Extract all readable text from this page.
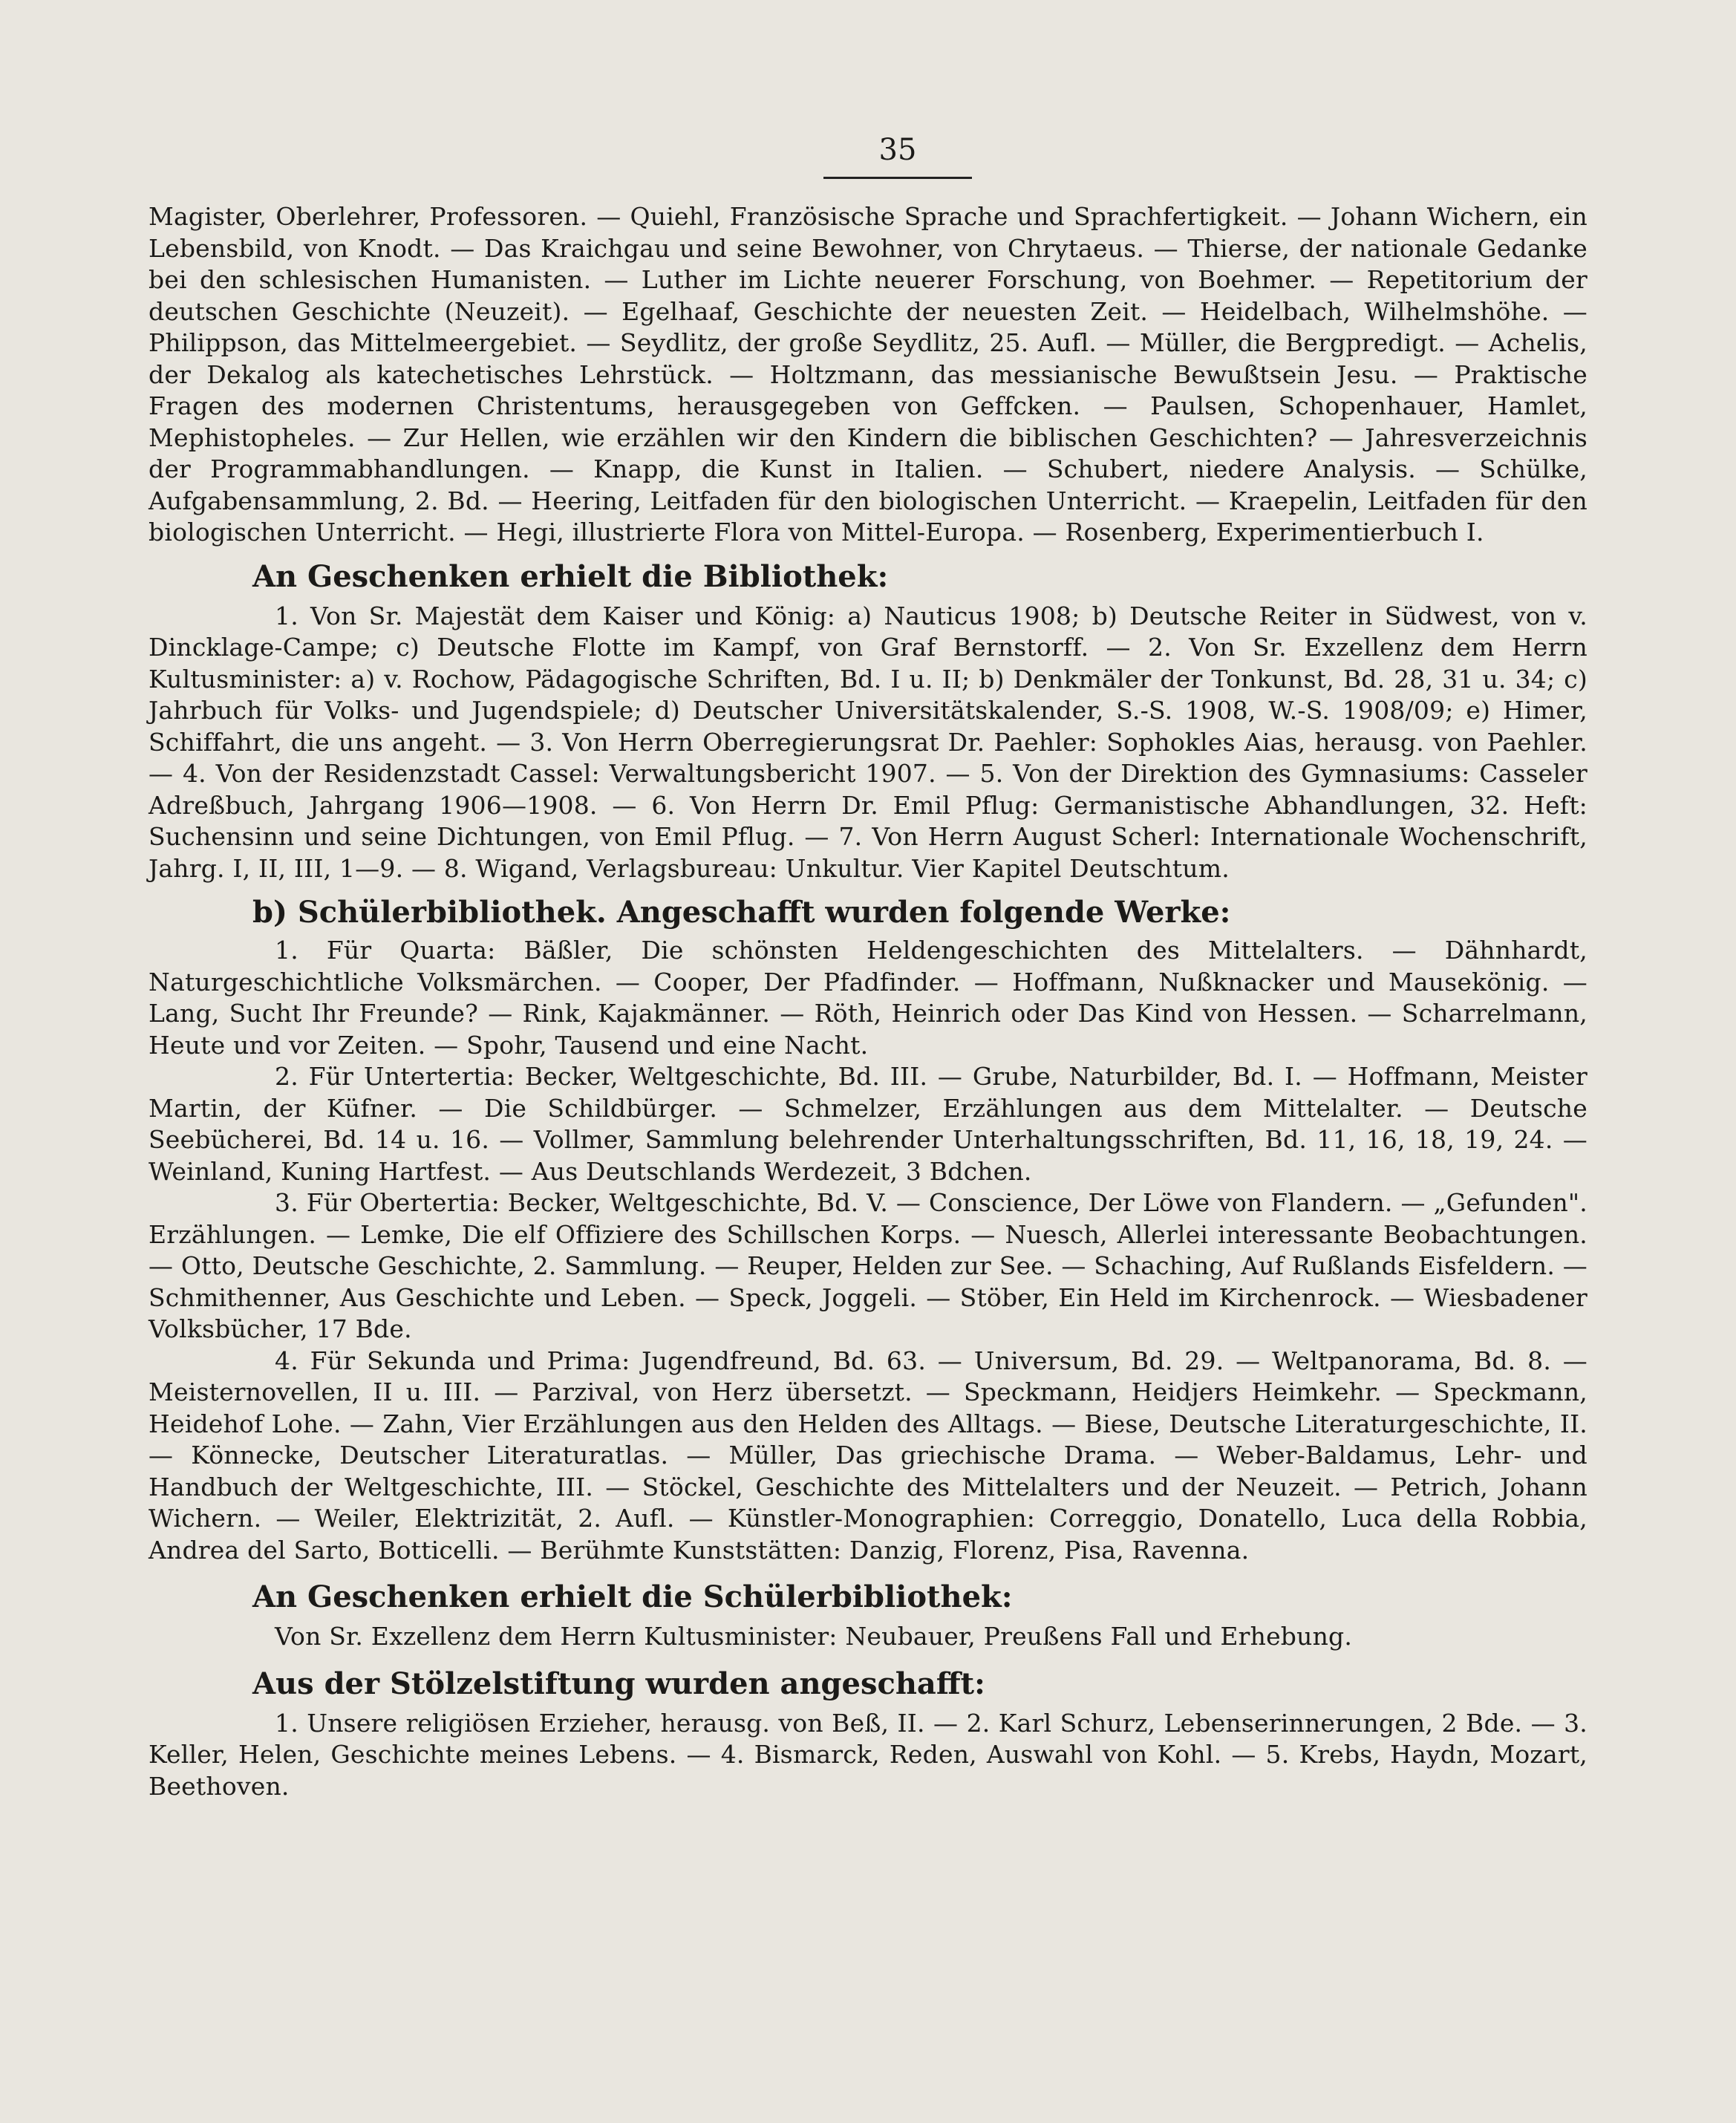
35

Magister, Oberlehrer, Professoren. — Quiehl, Französische Sprache und Sprachfertigkeit. — Johann Wichern, ein Lebensbild, von Knodt. — Das Kraichgau und seine Bewohner, von Chrytaeus. — Thierse, der nationale Gedanke bei den schlesischen Humanisten. — Luther im Lichte neuerer Forschung, von Boehmer. — Repetitorium der deutschen Geschichte (Neuzeit). — Egelhaaf, Geschichte der neuesten Zeit. — Heidelbach, Wilhelmshöhe. — Philippson, das Mittelmeergebiet. — Seydlitz, der große Seydlitz, 25. Aufl. — Müller, die Bergpredigt. — Achelis, der Dekalog als katechetisches Lehrstück. — Holtzmann, das messianische Bewußtsein Jesu. — Praktische Fragen des modernen Christentums, herausgegeben von Geffcken. — Paulsen, Schopenhauer, Hamlet, Mephistopheles. — Zur Hellen, wie erzählen wir den Kindern die biblischen Geschichten? — Jahresverzeichnis der Programmabhandlungen. — Knapp, die Kunst in Italien. — Schubert, niedere Analysis. — Schülke, Aufgabensammlung, 2. Bd. — Heering, Leitfaden für den biologischen Unterricht. — Kraepelin, Leitfaden für den biologischen Unterricht. — Hegi, illustrierte Flora von Mittel-Europa. — Rosenberg, Experimentierbuch I.

An Geschenken erhielt die Bibliothek:

1. Von Sr. Majestät dem Kaiser und König: a) Nauticus 1908; b) Deutsche Reiter in Südwest, von v. Dincklage-Campe; c) Deutsche Flotte im Kampf, von Graf Bernstorff. — 2. Von Sr. Exzellenz dem Herrn Kultusminister: a) v. Rochow, Pädagogische Schriften, Bd. I u. II; b) Denkmäler der Tonkunst, Bd. 28, 31 u. 34; c) Jahrbuch für Volks- und Jugendspiele; d) Deutscher Universitätskalender, S.-S. 1908, W.-S. 1908/09; e) Himer, Schiffahrt, die uns angeht. — 3. Von Herrn Oberregierungsrat Dr. Paehler: Sophokles Aias, herausg. von Paehler. — 4. Von der Residenzstadt Cassel: Verwaltungsbericht 1907. — 5. Von der Direktion des Gymnasiums: Casseler Adreßbuch, Jahrgang 1906—1908. — 6. Von Herrn Dr. Emil Pflug: Germanistische Abhandlungen, 32. Heft: Suchensinn und seine Dichtungen, von Emil Pflug. — 7. Von Herrn August Scherl: Internationale Wochenschrift, Jahrg. I, II, III, 1—9. — 8. Wigand, Verlagsbureau: Unkultur. Vier Kapitel Deutschtum.

b) Schülerbibliothek. Angeschafft wurden folgende Werke:

1. Für Quarta: Bäßler, Die schönsten Heldengeschichten des Mittelalters. — Dähnhardt, Naturgeschichtliche Volksmärchen. — Cooper, Der Pfadfinder. — Hoffmann, Nußknacker und Mausekönig. — Lang, Sucht Ihr Freunde? — Rink, Kajakmänner. — Röth, Heinrich oder Das Kind von Hessen. — Scharrelmann, Heute und vor Zeiten. — Spohr, Tausend und eine Nacht.

2. Für Untertertia: Becker, Weltgeschichte, Bd. III. — Grube, Naturbilder, Bd. I. — Hoffmann, Meister Martin, der Küfner. — Die Schildbürger. — Schmelzer, Erzählungen aus dem Mittelalter. — Deutsche Seebücherei, Bd. 14 u. 16. — Vollmer, Sammlung belehrender Unterhaltungsschriften, Bd. 11, 16, 18, 19, 24. — Weinland, Kuning Hartfest. — Aus Deutschlands Werdezeit, 3 Bdchen.

3. Für Obertertia: Becker, Weltgeschichte, Bd. V. — Conscience, Der Löwe von Flandern. — „Gefunden". Erzählungen. — Lemke, Die elf Offiziere des Schillschen Korps. — Nuesch, Allerlei interessante Beobachtungen. — Otto, Deutsche Geschichte, 2. Sammlung. — Reuper, Helden zur See. — Schaching, Auf Rußlands Eisfeldern. — Schmithenner, Aus Geschichte und Leben. — Speck, Joggeli. — Stöber, Ein Held im Kirchenrock. — Wiesbadener Volksbücher, 17 Bde.

4. Für Sekunda und Prima: Jugendfreund, Bd. 63. — Universum, Bd. 29. — Weltpanorama, Bd. 8. — Meisternovellen, II u. III. — Parzival, von Herz übersetzt. — Speckmann, Heidjers Heimkehr. — Speckmann, Heidehof Lohe. — Zahn, Vier Erzählungen aus den Helden des Alltags. — Biese, Deutsche Literaturgeschichte, II. — Könnecke, Deutscher Literaturatlas. — Müller, Das griechische Drama. — Weber-Baldamus, Lehr- und Handbuch der Weltgeschichte, III. — Stöckel, Geschichte des Mittelalters und der Neuzeit. — Petrich, Johann Wichern. — Weiler, Elektrizität, 2. Aufl. — Künstler-Monographien: Correggio, Donatello, Luca della Robbia, Andrea del Sarto, Botticelli. — Berühmte Kunststätten: Danzig, Florenz, Pisa, Ravenna.

An Geschenken erhielt die Schülerbibliothek:

Von Sr. Exzellenz dem Herrn Kultusminister: Neubauer, Preußens Fall und Erhebung.

Aus der Stölzelstiftung wurden angeschafft:

1. Unsere religiösen Erzieher, herausg. von Beß, II. — 2. Karl Schurz, Lebenserinnerungen, 2 Bde. — 3. Keller, Helen, Geschichte meines Lebens. — 4. Bismarck, Reden, Auswahl von Kohl. — 5. Krebs, Haydn, Mozart, Beethoven.
